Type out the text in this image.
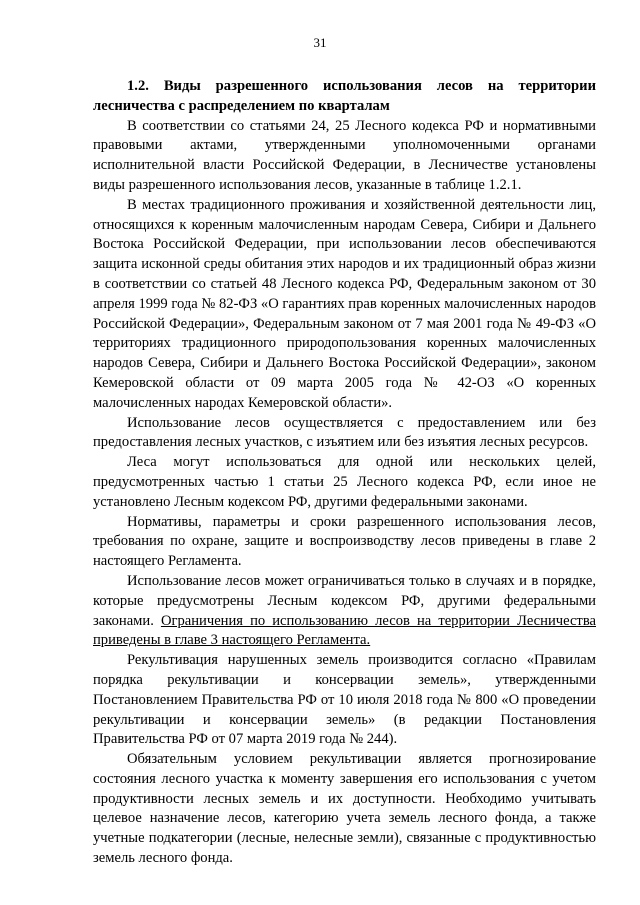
31

1.2. Виды разрешенного использования лесов на территории лесничества с распределением по кварталам

В соответствии со статьями 24, 25 Лесного кодекса РФ и нормативными правовыми актами, утвержденными уполномоченными органами исполнительной власти Российской Федерации, в Лесничестве установлены виды разрешенного использования лесов, указанные в таблице 1.2.1.

В местах традиционного проживания и хозяйственной деятельности лиц, относящихся к коренным малочисленным народам Севера, Сибири и Дальнего Востока Российской Федерации, при использовании лесов обеспечиваются защита исконной среды обитания этих народов и их традиционный образ жизни в соответствии со статьей 48 Лесного кодекса РФ, Федеральным законом от 30 апреля 1999 года № 82-ФЗ «О гарантиях прав коренных малочисленных народов Российской Федерации», Федеральным законом от 7 мая 2001 года № 49-ФЗ «О территориях традиционного природопользования коренных малочисленных народов Севера, Сибири и Дальнего Востока Российской Федерации», законом Кемеровской области от 09 марта 2005 года № 42-ОЗ «О коренных малочисленных народах Кемеровской области».

Использование лесов осуществляется с предоставлением или без предоставления лесных участков, с изъятием или без изъятия лесных ресурсов.

Леса могут использоваться для одной или нескольких целей, предусмотренных частью 1 статьи 25 Лесного кодекса РФ, если иное не установлено Лесным кодексом РФ, другими федеральными законами.

Нормативы, параметры и сроки разрешенного использования лесов, требования по охране, защите и воспроизводству лесов приведены в главе 2 настоящего Регламента.

Использование лесов может ограничиваться только в случаях и в порядке, которые предусмотрены Лесным кодексом РФ, другими федеральными законами. Ограничения по использованию лесов на территории Лесничества приведены в главе 3 настоящего Регламента.

Рекультивация нарушенных земель производится согласно «Правилам порядка рекультивации и консервации земель», утвержденными Постановлением Правительства РФ от 10 июля 2018 года № 800 «О проведении рекультивации и консервации земель» (в редакции Постановления Правительства РФ от 07 марта 2019 года № 244).

Обязательным условием рекультивации является прогнозирование состояния лесного участка к моменту завершения его использования с учетом продуктивности лесных земель и их доступности. Необходимо учитывать целевое назначение лесов, категорию учета земель лесного фонда, а также учетные подкатегории (лесные, нелесные земли), связанные с продуктивностью земель лесного фонда.
